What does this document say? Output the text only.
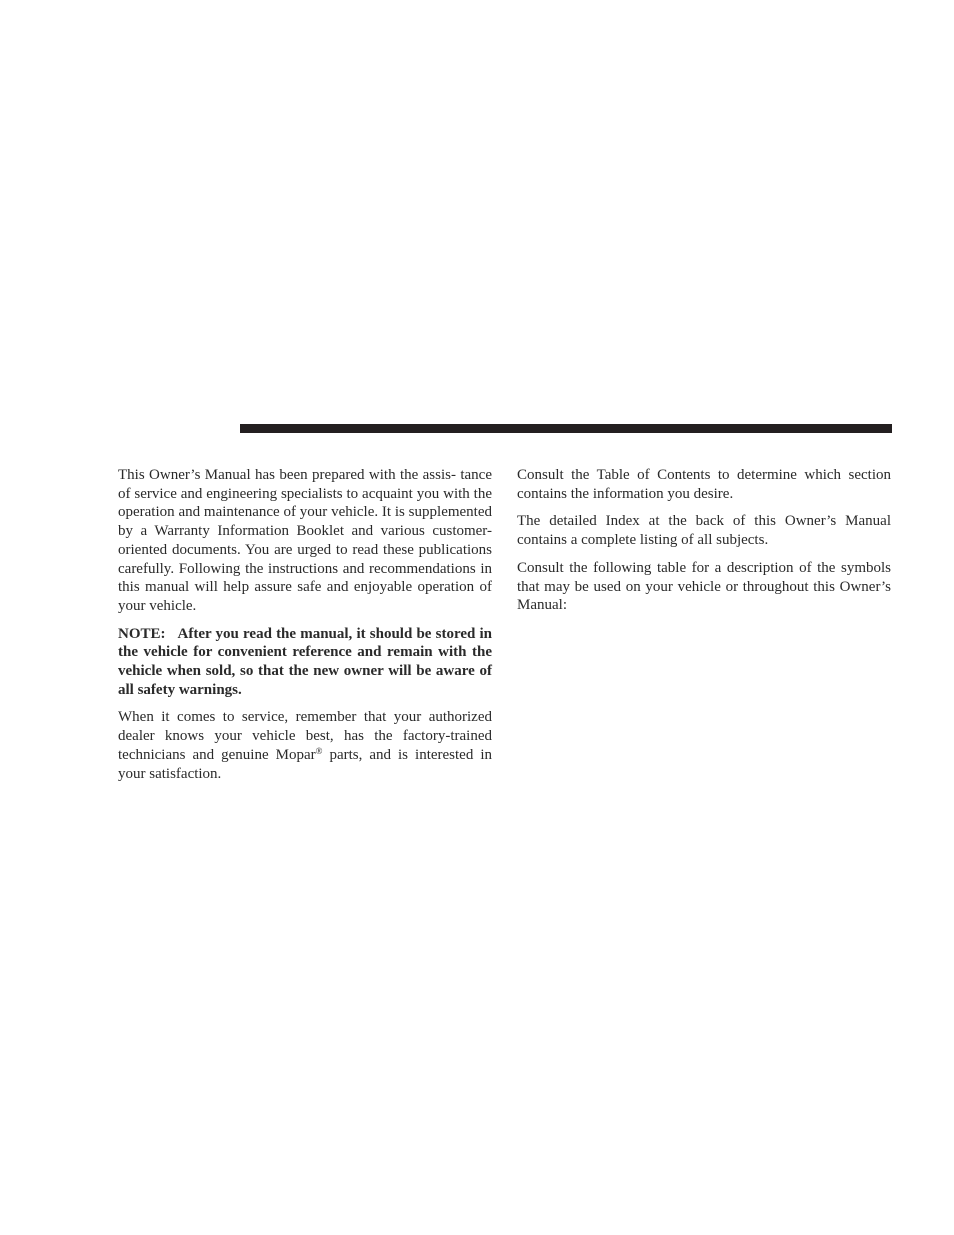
This Owner’s Manual has been prepared with the assis- tance of service and engineering specialists to acquaint you with the operation and maintenance of your vehicle. It is supplemented by a Warranty Information Booklet and various customer-oriented documents. You are urged to read these publications carefully. Following the instructions and recommendations in this manual will help assure safe and enjoyable operation of your vehicle.

NOTE: After you read the manual, it should be stored in the vehicle for convenient reference and remain with the vehicle when sold, so that the new owner will be aware of all safety warnings.

When it comes to service, remember that your authorized dealer knows your vehicle best, has the factory-trained technicians and genuine Mopar® parts, and is interested in your satisfaction.

Consult the Table of Contents to determine which section contains the information you desire.

The detailed Index at the back of this Owner’s Manual contains a complete listing of all subjects.

Consult the following table for a description of the symbols that may be used on your vehicle or throughout this Owner’s Manual:
